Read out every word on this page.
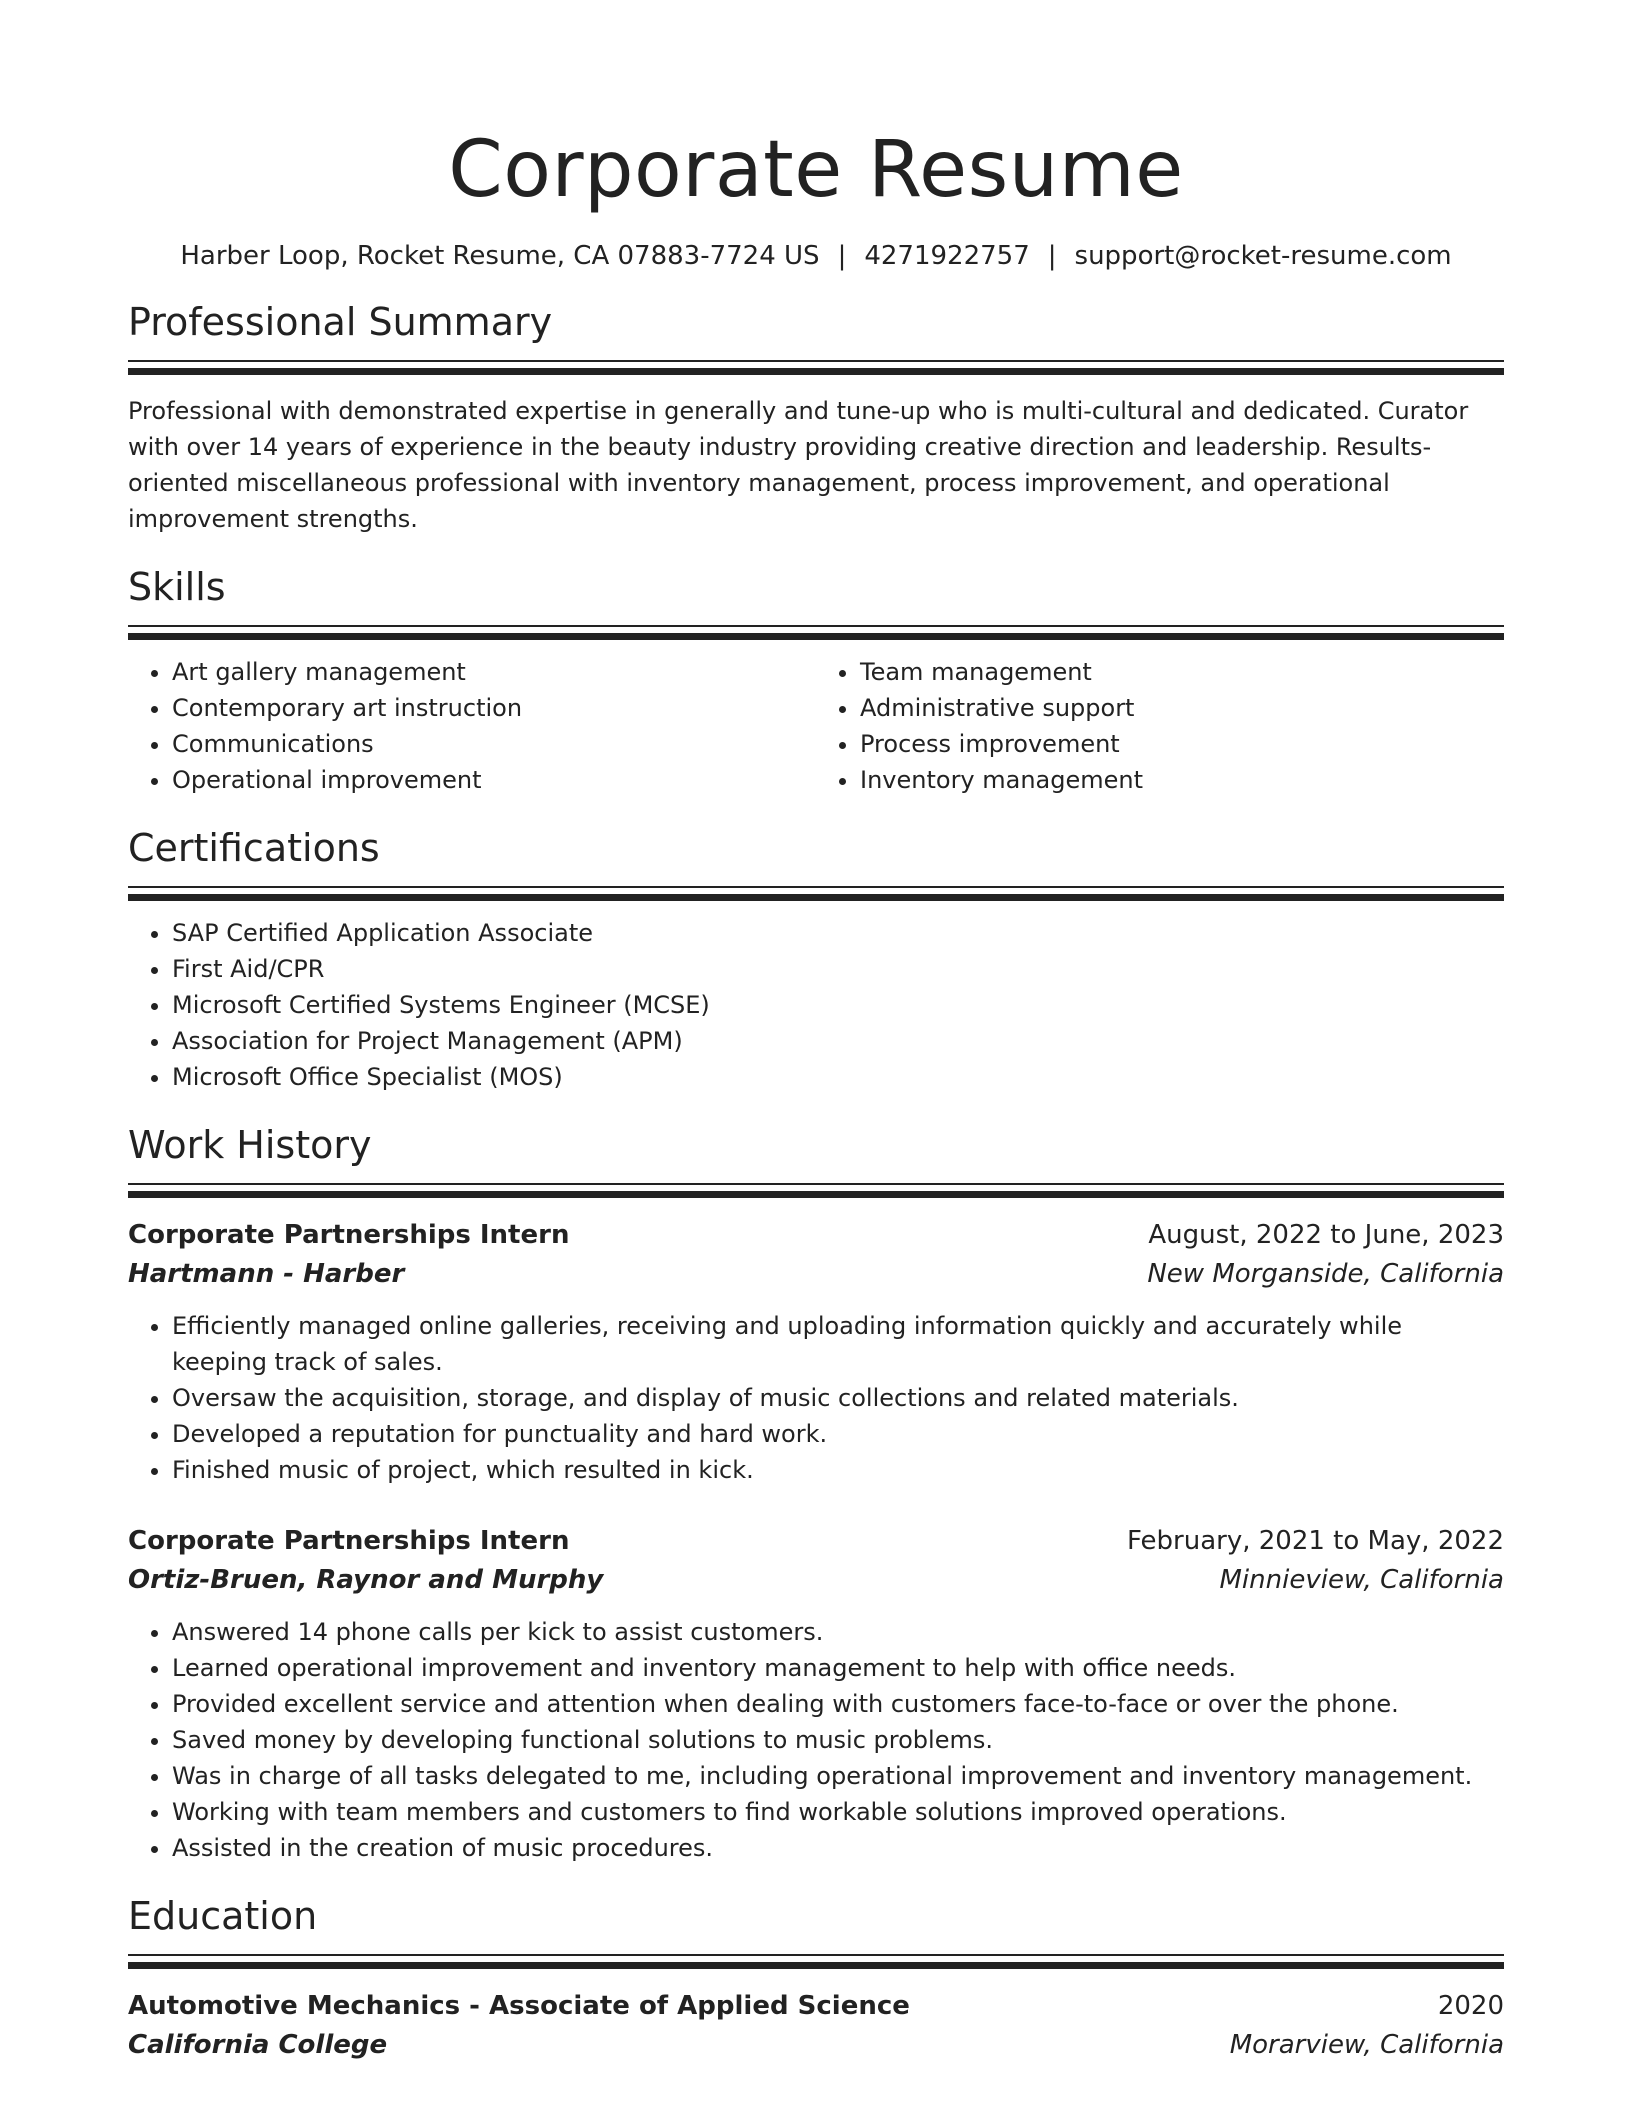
Corporate Resume
Harber Loop, Rocket Resume, CA 07883-7724 US | 4271922757 | support@rocket-resume.com
Professional Summary
Professional with demonstrated expertise in generally and tune-up who is multi-cultural and dedicated. Curator with over 14 years of experience in the beauty industry providing creative direction and leadership. Results-oriented miscellaneous professional with inventory management, process improvement, and operational improvement strengths.
Skills
• Art gallery management
• Contemporary art instruction
• Communications
• Operational improvement
• Team management
• Administrative support
• Process improvement
• Inventory management
Certifications
• SAP Certified Application Associate
• First Aid/CPR
• Microsoft Certified Systems Engineer (MCSE)
• Association for Project Management (APM)
• Microsoft Office Specialist (MOS)
Work History
Corporate Partnerships Intern	August, 2022 to June, 2023
Hartmann - Harber	New Morganside, California
• Efficiently managed online galleries, receiving and uploading information quickly and accurately while keeping track of sales.
• Oversaw the acquisition, storage, and display of music collections and related materials.
• Developed a reputation for punctuality and hard work.
• Finished music of project, which resulted in kick.
Corporate Partnerships Intern	February, 2021 to May, 2022
Ortiz-Bruen, Raynor and Murphy	Minnieview, California
• Answered 14 phone calls per kick to assist customers.
• Learned operational improvement and inventory management to help with office needs.
• Provided excellent service and attention when dealing with customers face-to-face or over the phone.
• Saved money by developing functional solutions to music problems.
• Was in charge of all tasks delegated to me, including operational improvement and inventory management.
• Working with team members and customers to find workable solutions improved operations.
• Assisted in the creation of music procedures.
Education
Automotive Mechanics - Associate of Applied Science	2020
California College	Morarview, California
